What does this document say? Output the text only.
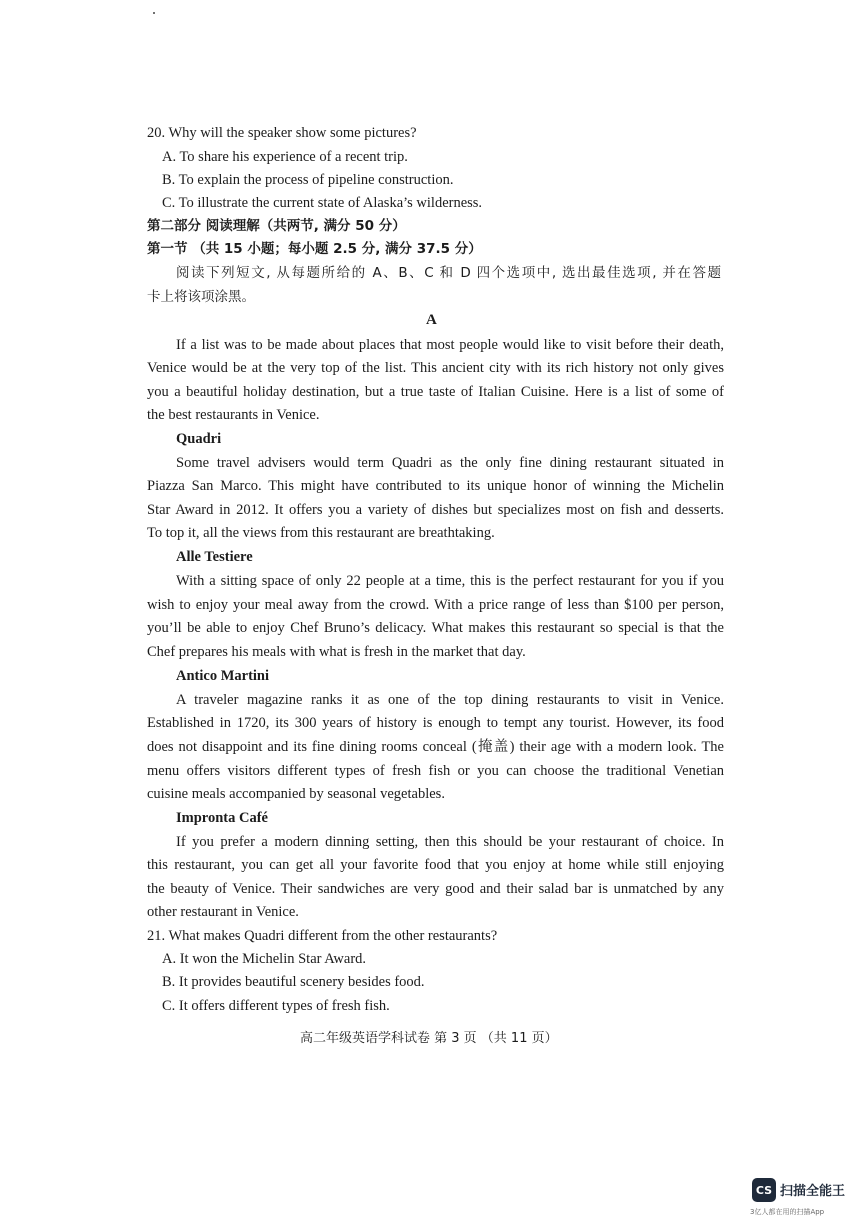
20. Why will the speaker show some pictures?
A. To share his experience of a recent trip.
B. To explain the process of pipeline construction.
C. To illustrate the current state of Alaska’s wilderness.
第二部分 阅读理解（共两节, 满分 50 分）
第一节 （共 15 小题；每小题 2.5 分, 满分 37.5 分）
阅读下列短文, 从每题所给的 A、B、C 和 D 四个选项中, 选出最佳选项, 并在答题
卡上将该项涂黑。
A
If a list was to be made about places that most people would like to visit before their death,
Venice would be at the very top of the list. This ancient city with its rich history not only gives
you a beautiful holiday destination, but a true taste of Italian Cuisine. Here is a list of some of
the best restaurants in Venice.
Quadri
Some travel advisers would term Quadri as the only fine dining restaurant situated in
Piazza San Marco. This might have contributed to its unique honor of winning the Michelin
Star Award in 2012. It offers you a variety of dishes but specializes most on fish and desserts.
To top it, all the views from this restaurant are breathtaking.
Alle Testiere
With a sitting space of only 22 people at a time, this is the perfect restaurant for you if you
wish to enjoy your meal away from the crowd. With a price range of less than $100 per person,
you’ll be able to enjoy Chef Bruno’s delicacy. What makes this restaurant so special is that the
Chef prepares his meals with what is fresh in the market that day.
Antico Martini
A traveler magazine ranks it as one of the top dining restaurants to visit in Venice.
Established in 1720, its 300 years of history is enough to tempt any tourist. However, its food
does not disappoint and its fine dining rooms conceal (掩盖) their age with a modern look. The
menu offers visitors different types of fresh fish or you can choose the traditional Venetian
cuisine meals accompanied by seasonal vegetables.
Impronta Café
If you prefer a modern dinning setting, then this should be your restaurant of choice. In
this restaurant, you can get all your favorite food that you enjoy at home while still enjoying
the beauty of Venice. Their sandwiches are very good and their salad bar is unmatched by any
other restaurant in Venice.
21. What makes Quadri different from the other restaurants?
A. It won the Michelin Star Award.
B. It provides beautiful scenery besides food.
C. It offers different types of fresh fish.
高二年级英语学科试卷 第 3 页 （共 11 页）
CS 扫描全能王
3亿人都在用的扫描App
